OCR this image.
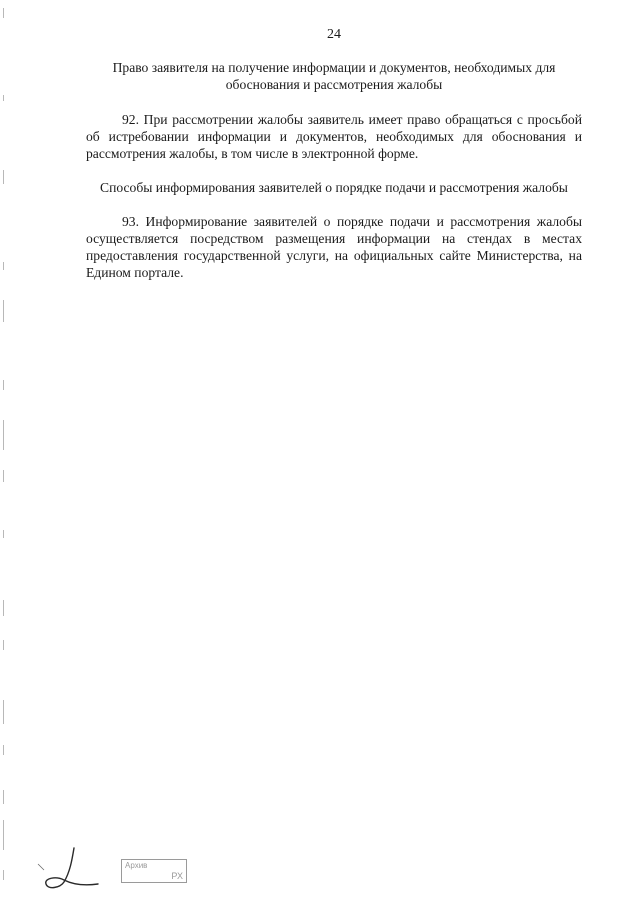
24

Право заявителя на получение информации и документов, необходимых для обоснования и рассмотрения жалобы

92. При рассмотрении жалобы заявитель имеет право обращаться с просьбой об истребовании информации и документов, необходимых для обоснования и рассмотрения жалобы, в том числе в электронной форме.

Способы информирования заявителей о порядке подачи и рассмотрения жалобы

93. Информирование заявителей о порядке подачи и рассмотрения жалобы осуществляется посредством размещения информации на стендах в местах предоставления государственной услуги, на официальных сайте Министерства, на Едином портале.

Архив
РХ
